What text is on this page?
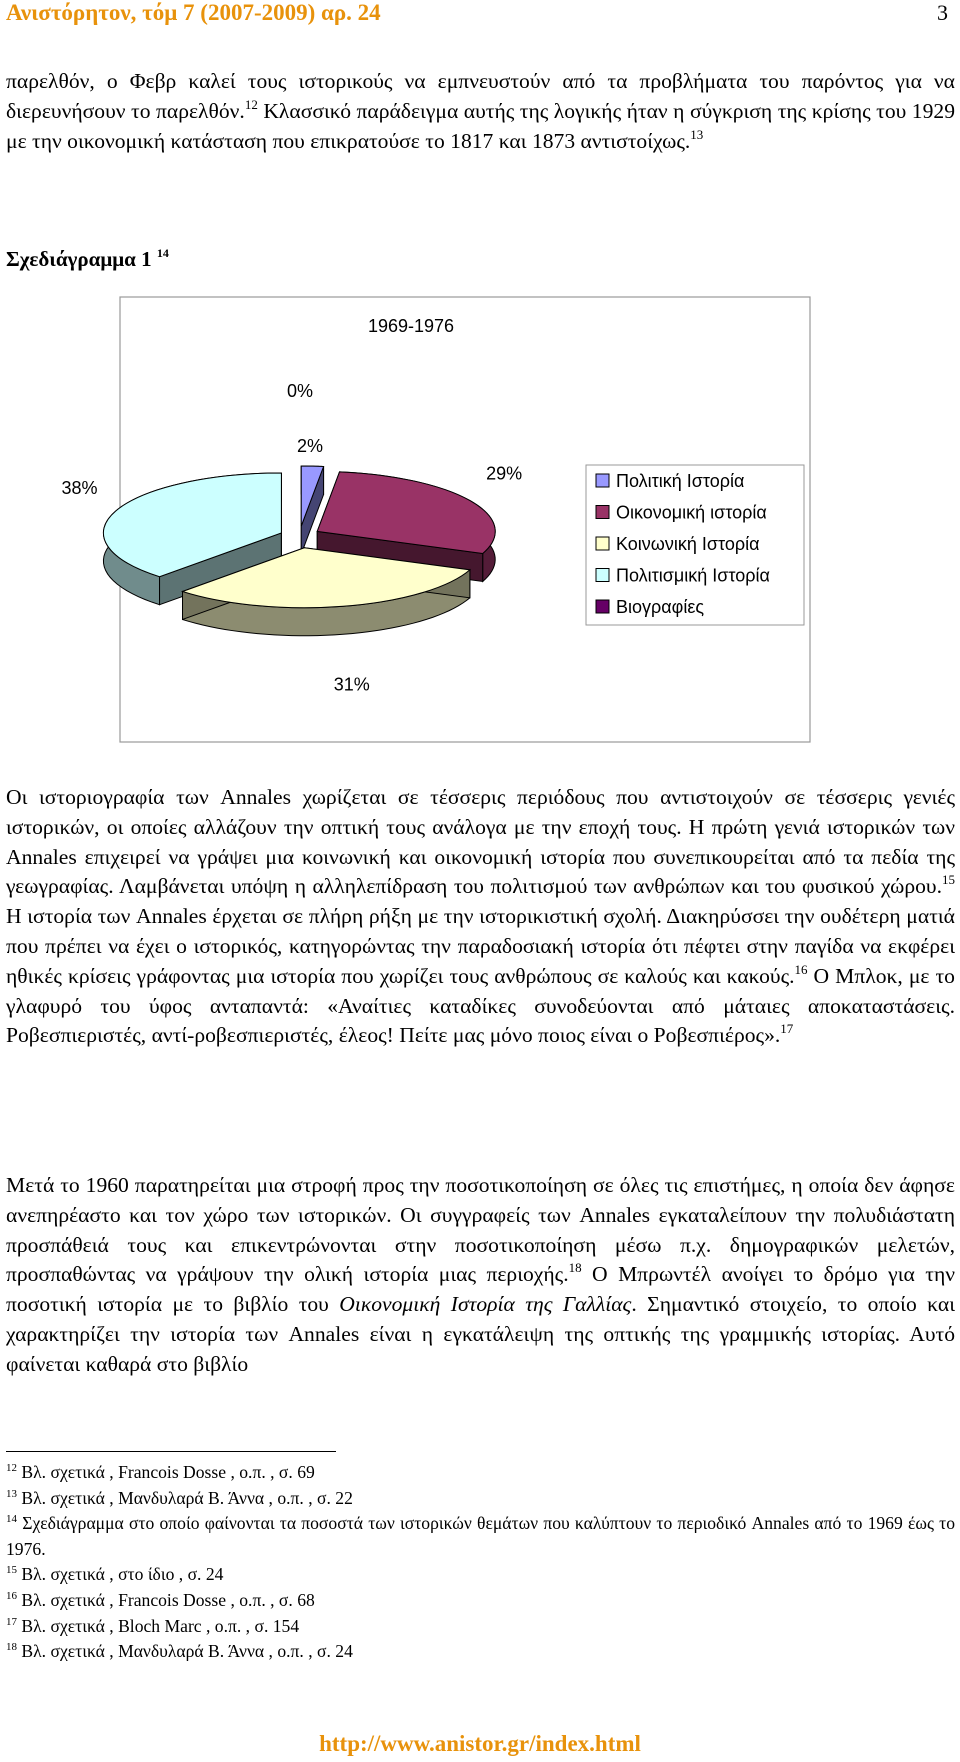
Ανιστόρητον, τόμ 7 (2007-2009) αρ. 24	3

παρελθόν, ο Φεβρ καλεί τους ιστορικούς να εμπνευστούν από τα προβλήματα του παρόντος για να διερευνήσουν το παρελθόν.$^{12}$ Κλασσικό παράδειγμα αυτής της λογικής ήταν η σύγκριση της κρίσης του 1929 με την οικονομική κατάσταση που επικρατούσε το 1817 και 1873 αντιστοίχως.$^{13}$

Σχεδιάγραμμα 1 $^{14}$
1969-1976
2%
29%
31%
38%
0%
Πολιτική Ιστορία
Οικονομική ιστορία
Κοινωνική Ιστορία
Πολιτισμική Ιστορία
Βιογραφίες

Οι ιστοριογραφία των Annales χωρίζεται σε τέσσερις περιόδους που αντιστοιχούν σε τέσσερις γενιές ιστορικών, οι οποίες αλλάζουν την οπτική τους ανάλογα με την εποχή τους. Η πρώτη γενιά ιστορικών των Annales επιχειρεί να γράψει μια κοινωνική και οικονομική ιστορία που συνεπικουρείται από τα πεδία της γεωγραφίας. Λαμβάνεται υπόψη η αλληλεπίδραση του πολιτισμού των ανθρώπων και του φυσικού χώρου.$^{15}$ Η ιστορία των Annales έρχεται σε πλήρη ρήξη με την ιστορικιστική σχολή. Διακηρύσσει την ουδέτερη ματιά που πρέπει να έχει ο ιστορικός, κατηγορώντας την παραδοσιακή ιστορία ότι πέφτει στην παγίδα να εκφέρει ηθικές κρίσεις γράφοντας μια ιστορία που χωρίζει τους ανθρώπους σε καλούς και κακούς.$^{16}$ Ο Μπλοκ, με το γλαφυρό του ύφος ανταπαντά: «Αναίτιες καταδίκες συνοδεύονται από μάταιες αποκαταστάσεις. Ροβεσπιεριστές, αντί-ροβεσπιεριστές, έλεος! Πείτε μας μόνο ποιος είναι ο Ροβεσπιέρος».$^{17}$

Μετά το 1960 παρατηρείται μια στροφή προς την ποσοτικοποίηση σε όλες τις επιστήμες, η οποία δεν άφησε ανεπηρέαστο και τον χώρο των ιστορικών. Οι συγγραφείς των Annales εγκαταλείπουν την πολυδιάστατη προσπάθειά τους και επικεντρώνονται στην ποσοτικοποίηση μέσω π.χ. δημογραφικών μελετών, προσπαθώντας να γράψουν την ολική ιστορία μιας περιοχής.$^{18}$ Ο Μπρωντέλ ανοίγει το δρόμο για την ποσοτική ιστορία με το βιβλίο του Οικονομική Ιστορία της Γαλλίας. Σημαντικό στοιχείο, το οποίο και χαρακτηρίζει την ιστορία των Annales είναι η εγκατάλειψη της οπτικής της γραμμικής ιστορίας. Αυτό φαίνεται καθαρά στο βιβλίο

$^{12}$ Βλ. σχετικά , Francois Dosse , ο.π. , σ. 69

$^{13}$ Βλ. σχετικά , Μανδυλαρά Β. Άννα , ο.π. , σ. 22

$^{14}$ Σχεδιάγραμμα στο οποίο φαίνονται τα ποσοστά των ιστορικών θεμάτων που καλύπτουν το περιοδικό Annales από το 1969 έως το 1976.

$^{15}$ Βλ. σχετικά , στο ίδιο , σ. 24

$^{16}$ Βλ. σχετικά , Francois Dosse , ο.π. , σ. 68

$^{17}$ Βλ. σχετικά , Bloch Marc , ο.π. , σ. 154

$^{18}$ Βλ. σχετικά , Μανδυλαρά Β. Άννα , ο.π. , σ. 24

http://www.anistor.gr/index.html
